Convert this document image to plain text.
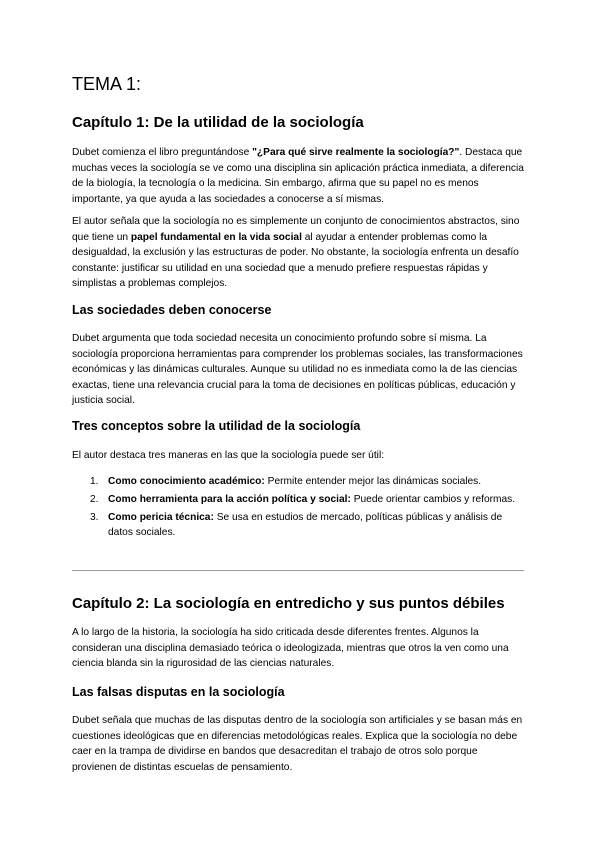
TEMA 1:
Capítulo 1: De la utilidad de la sociología

Dubet comienza el libro preguntándose "¿Para qué sirve realmente la sociología?". Destaca que muchas veces la sociología se ve como una disciplina sin aplicación práctica inmediata, a diferencia de la biología, la tecnología o la medicina. Sin embargo, afirma que su papel no es menos importante, ya que ayuda a las sociedades a conocerse a sí mismas.

El autor señala que la sociología no es simplemente un conjunto de conocimientos abstractos, sino que tiene un papel fundamental en la vida social al ayudar a entender problemas como la desigualdad, la exclusión y las estructuras de poder. No obstante, la sociología enfrenta un desafío constante: justificar su utilidad en una sociedad que a menudo prefiere respuestas rápidas y simplistas a problemas complejos.

Las sociedades deben conocerse

Dubet argumenta que toda sociedad necesita un conocimiento profundo sobre sí misma. La sociología proporciona herramientas para comprender los problemas sociales, las transformaciones económicas y las dinámicas culturales. Aunque su utilidad no es inmediata como la de las ciencias exactas, tiene una relevancia crucial para la toma de decisiones en políticas públicas, educación y justicia social.

Tres conceptos sobre la utilidad de la sociología

El autor destaca tres maneras en las que la sociología puede ser útil:

1. Como conocimiento académico: Permite entender mejor las dinámicas sociales.
2. Como herramienta para la acción política y social: Puede orientar cambios y reformas.
3. Como pericia técnica: Se usa en estudios de mercado, políticas públicas y análisis de datos sociales.
Capítulo 2: La sociología en entredicho y sus puntos débiles

A lo largo de la historia, la sociología ha sido criticada desde diferentes frentes. Algunos la consideran una disciplina demasiado teórica o ideologizada, mientras que otros la ven como una ciencia blanda sin la rigurosidad de las ciencias naturales.

Las falsas disputas en la sociología

Dubet señala que muchas de las disputas dentro de la sociología son artificiales y se basan más en cuestiones ideológicas que en diferencias metodológicas reales. Explica que la sociología no debe caer en la trampa de dividirse en bandos que desacreditan el trabajo de otros solo porque provienen de distintas escuelas de pensamiento.
